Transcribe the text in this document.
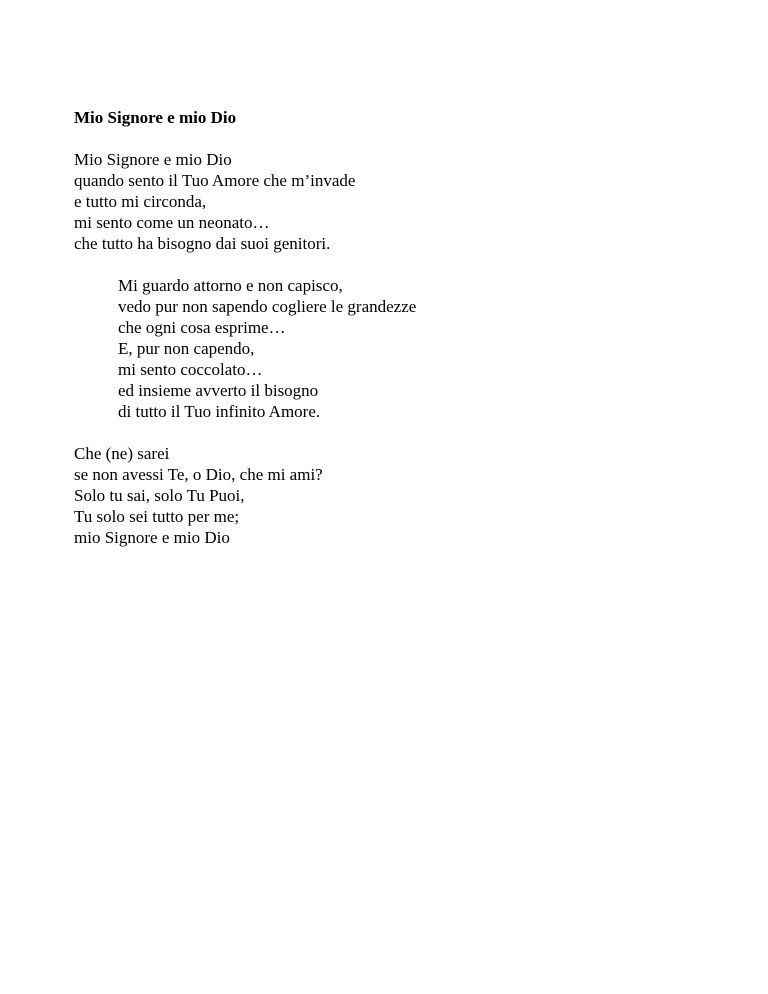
Mio Signore e mio Dio
Mio Signore e mio Dio
quando sento il Tuo Amore che m’invade
e tutto mi circonda,
mi sento come un neonato…
che tutto ha bisogno dai suoi genitori.
Mi guardo attorno e non capisco,
vedo pur non sapendo cogliere le grandezze
che ogni cosa esprime…
E, pur non capendo,
mi sento coccolato…
ed insieme avverto il bisogno
di tutto il Tuo infinito Amore.
Che (ne) sarei
se non avessi Te, o Dio, che mi ami?
Solo tu sai, solo Tu Puoi,
Tu solo sei tutto per me;
mio Signore e mio Dio
